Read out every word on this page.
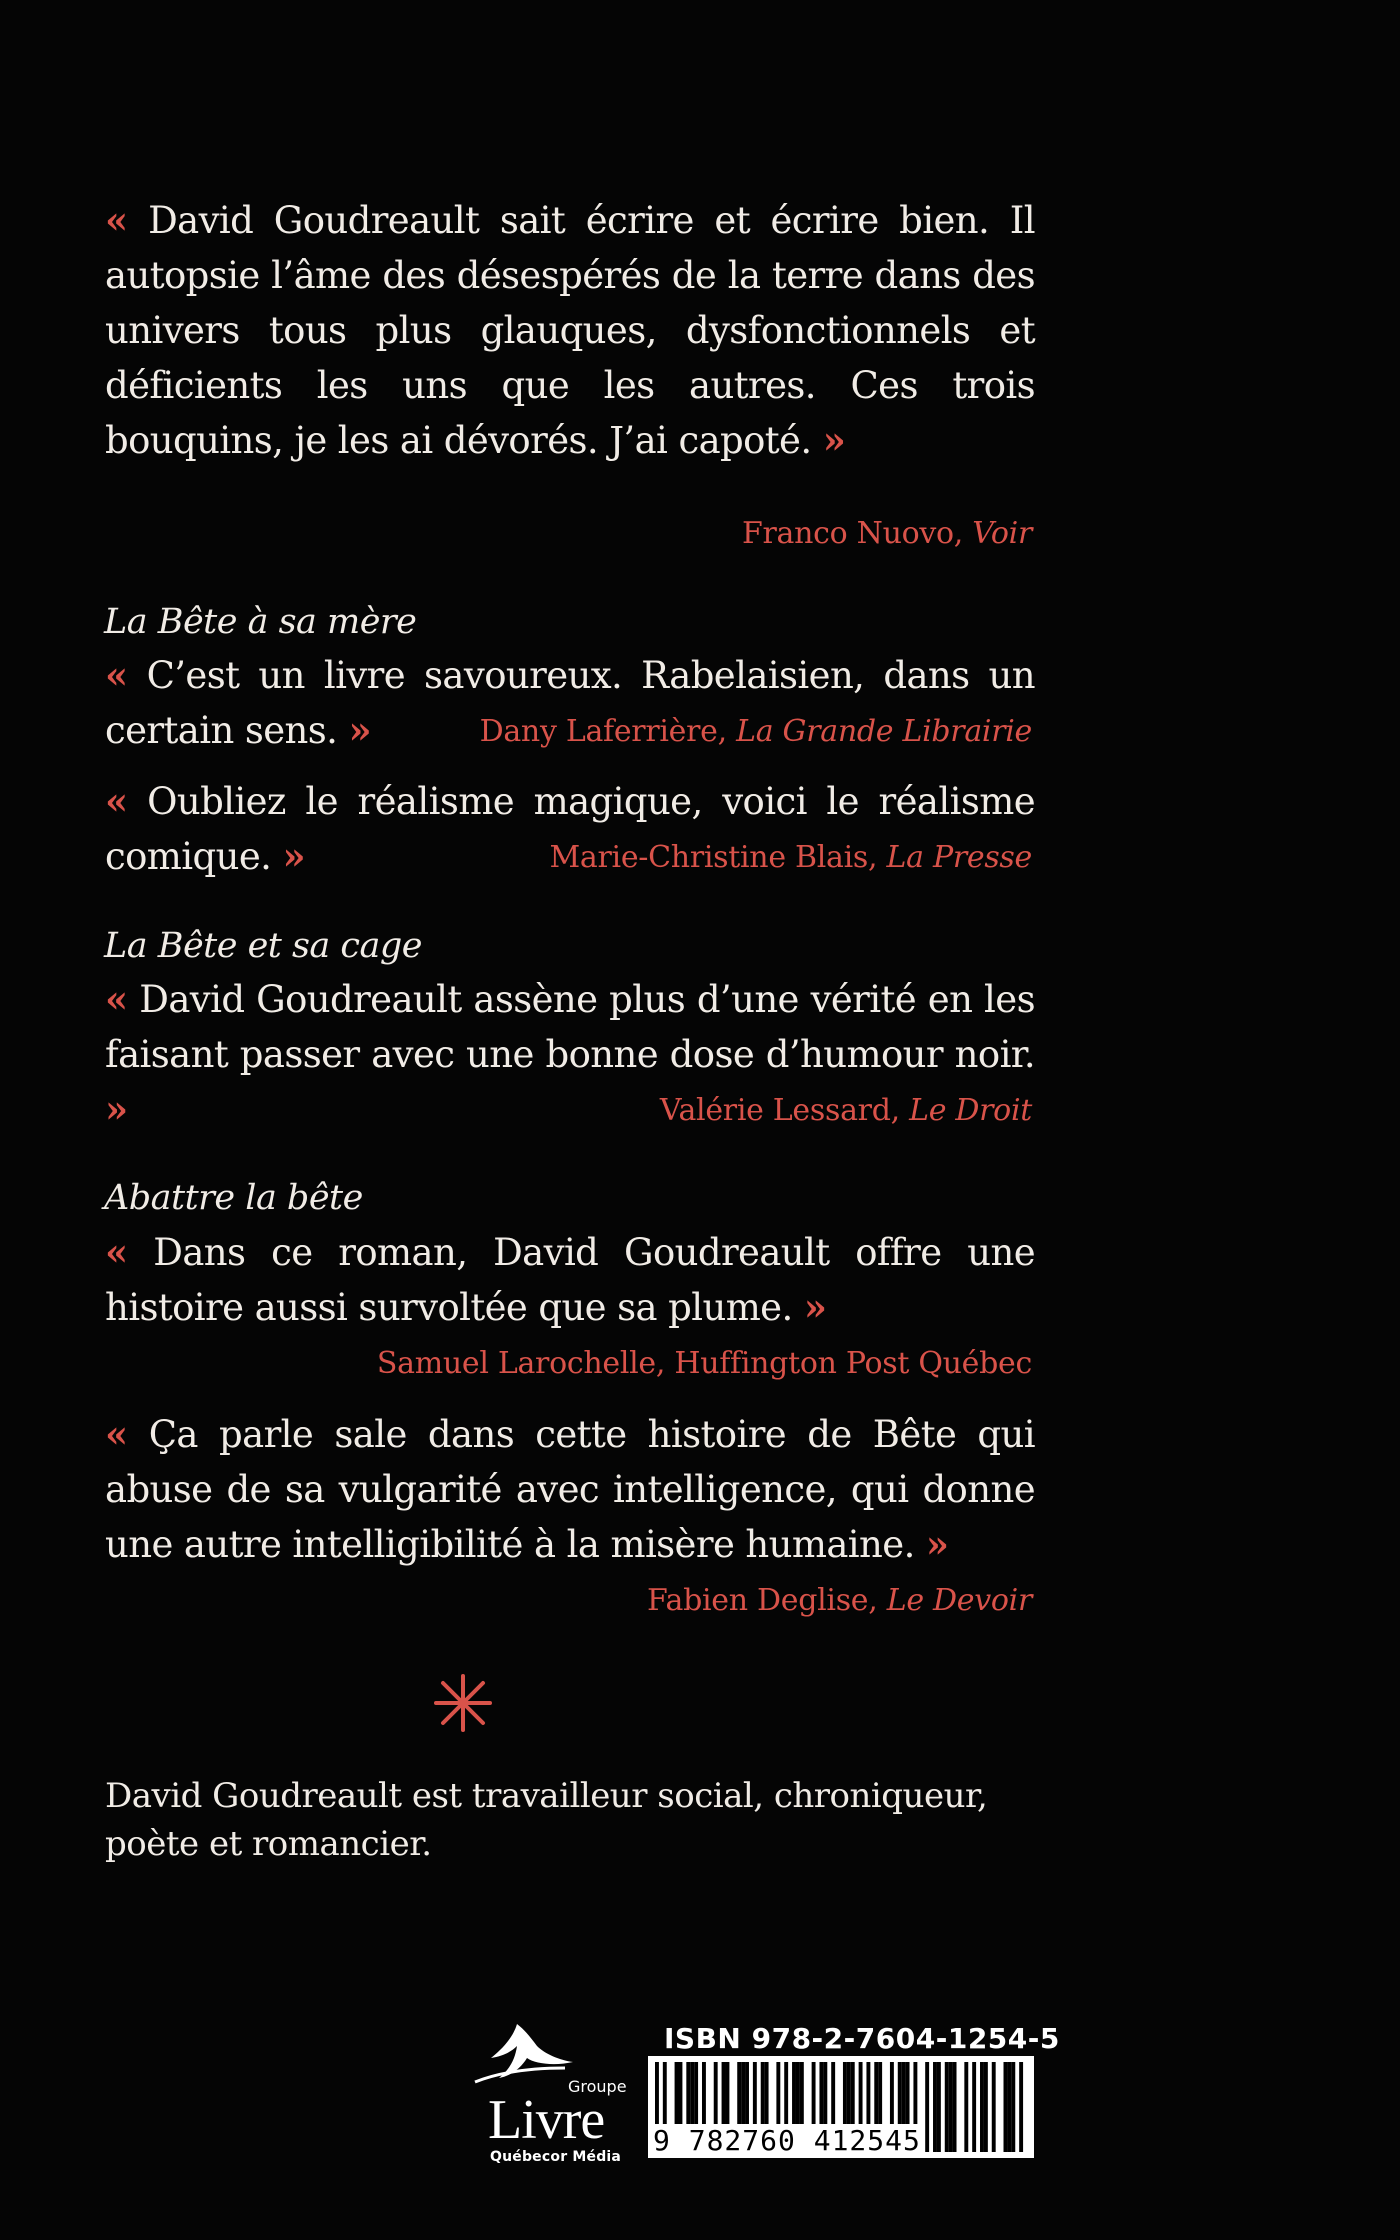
« David Goudreault sait écrire et écrire bien. Il autopsie l’âme des désespérés de la terre dans des univers tous plus glauques, dysfonctionnels et déficients les uns que les autres. Ces trois bouquins, je les ai dévorés. J’ai capoté. »

Franco Nuovo, Voir

La Bête à sa mère

« C’est un livre savoureux. Rabelaisien, dans un certain sens. »	Dany Laferrière, La Grande Librairie

« Oubliez le réalisme magique, voici le réalisme comique. »	Marie-Christine Blais, La Presse

La Bête et sa cage

« David Goudreault assène plus d’une vérité en les faisant passer avec une bonne dose d’humour noir. »	Valérie Lessard, Le Droit

Abattre la bête

« Dans ce roman, David Goudreault offre une histoire aussi survoltée que sa plume. »

Samuel Larochelle, Huffington Post Québec

« Ça parle sale dans cette histoire de Bête qui abuse de sa vulgarité avec intelligence, qui donne une autre intelligibilité à la misère humaine. »

Fabien Deglise, Le Devoir

David Goudreault est travailleur social, chroniqueur, poète et romancier.

Groupe
Livre
Québecor Média
ISBN 978-2-7604-1254-5
9 782760 412545
